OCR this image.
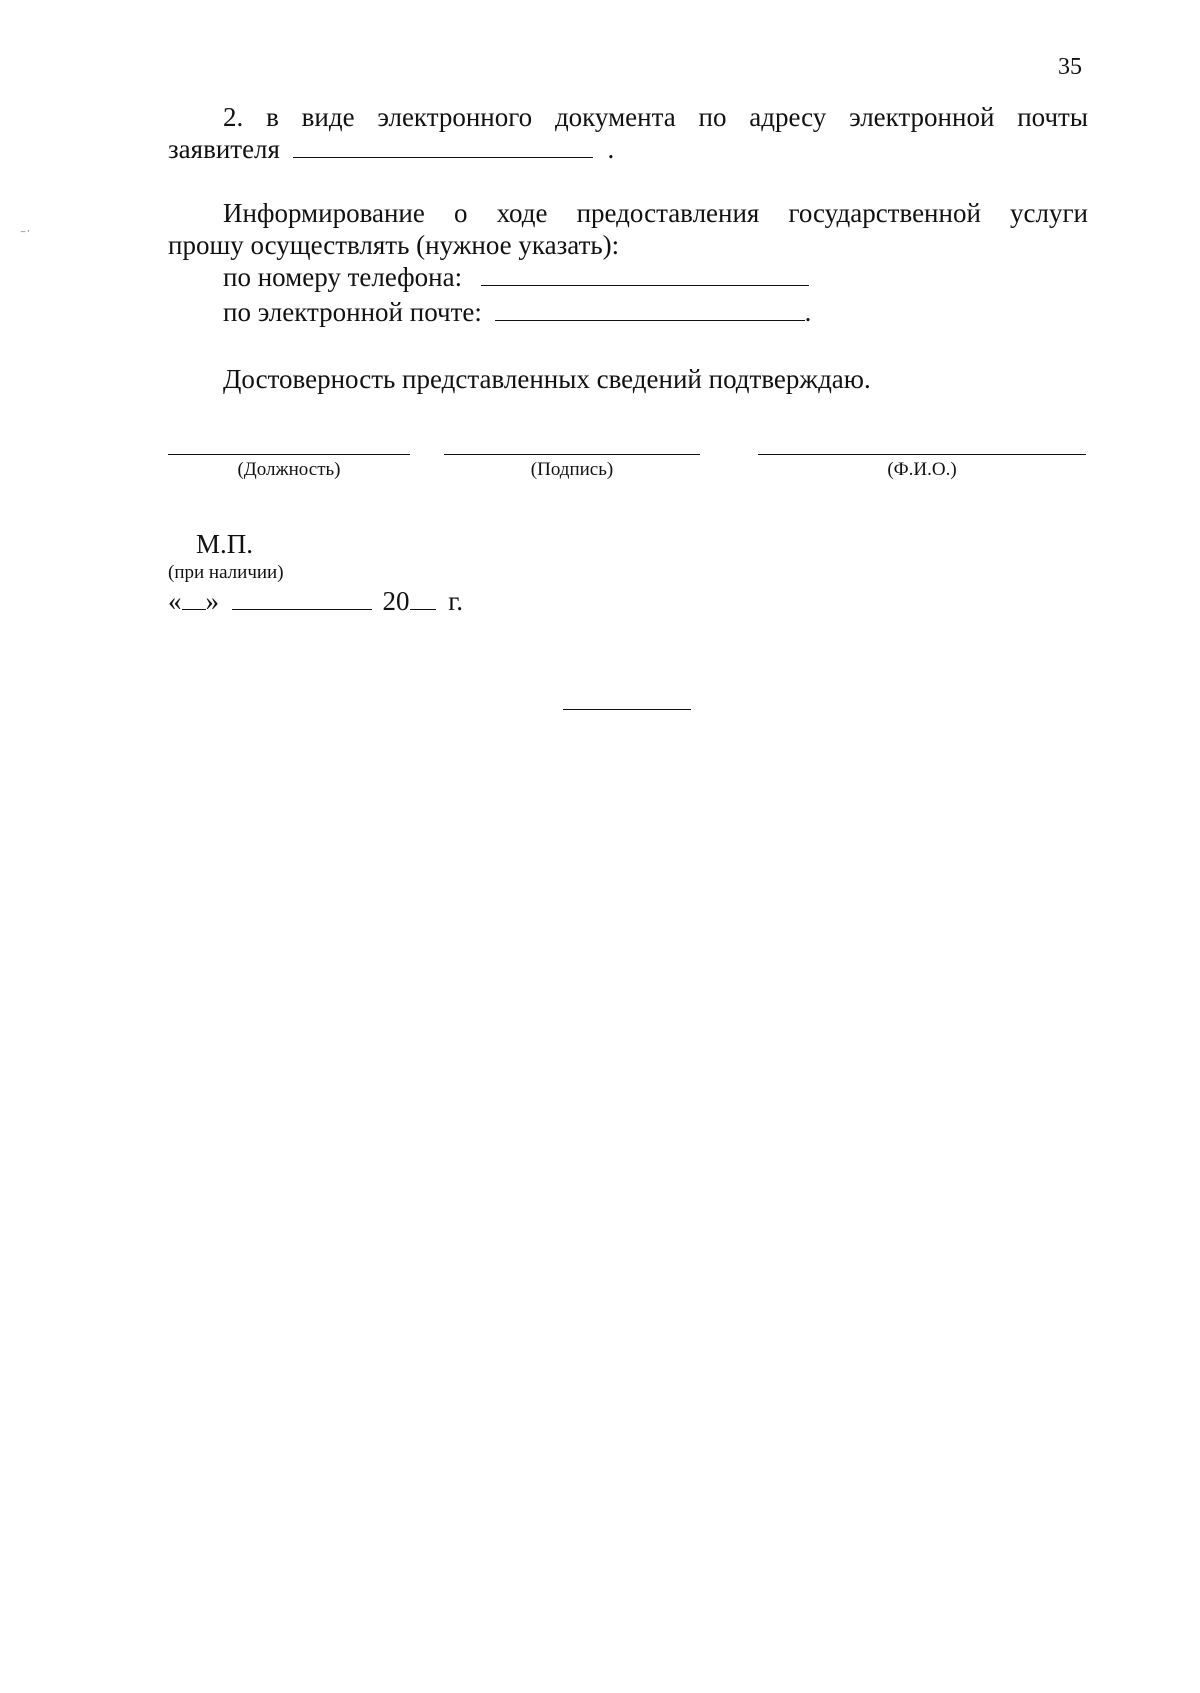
35
2. в виде электронного документа по адресу электронной почты
заявителя	.
Информирование о ходе предоставления государственной услуги
прошу осуществлять (нужное указать):
по номеру телефона:
по электронной почте:	.
Достоверность представленных сведений подтверждаю.
(Должность)	(Подпись)	(Ф.И.О.)
М.П.
(при наличии)
« »	20 г.
⁻˙
